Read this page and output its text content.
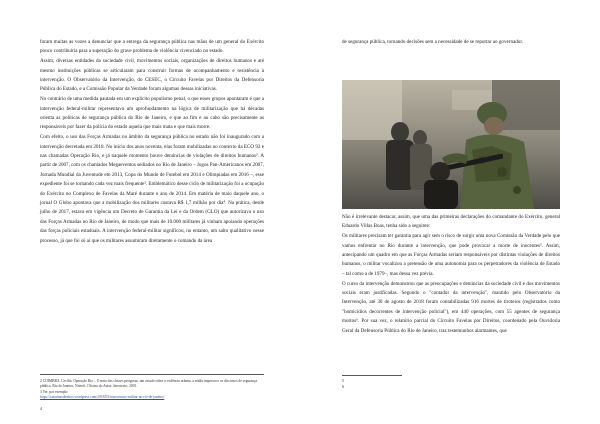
foram muitas as vozes a denunciar que a entrega da segurança pública nas mãos de um general do Exército pouco contribuiria para a superação do grave problema de violência vivenciado no estado.

Assim, diversas entidades da sociedade civil, movimentos sociais, organizações de direitos humanos e até mesmo instituições públicas se articularam para construir formas de acompanhamento e resistência à intervenção. O Observatório da Intervenção, do CESEC, o Circuito Favelas por Direitos da Defensoria Pública do Estado, e a Comissão Popular da Verdade foram algumas dessas iniciativas.

No contrário de uma medida pautada em um explícito populismo penal, o que esses grupos apontaram é que a intervenção federal-militar representava um aprofundamento na lógica de militarização que há décadas orienta as políticas de segurança pública do Rio de Janeiro, e que ao fim e ao cabo são precisamente as responsáveis por fazer da polícia do estado aquela que mais mata e que mais morre.

Com efeito, o uso das Forças Armadas no âmbito da segurança pública no estado não foi inaugurado com a intervenção decretada em 2018. No início dos anos noventa, elas foram mobilizadas no contexto da ECO 92 e nas chamadas Operação Rio, e já naquele momento houve denúncias de violações de direitos humanos². A partir de 2007, com os chamados Megaeventos sediados no Rio de Janeiro – Jogos Pan-Americanos em 2007, Jornada Mundial da Juventude em 2013, Copa do Mundo de Futebol em 2014 e Olimpíadas em 2016 –, esse expediente foi se tornando cada vez mais frequente³. Emblemático desse ciclo de militarização foi a ocupação do Exército no Complexo de Favelas da Maré durante o ano de 2014. Em matéria de maio daquele ano, o jornal O Globo apontava que a mobilização dos militares custava R$ 1,7 milhão por dia⁴. Na prática, desde julho de 2017, estava em vigência um Decreto de Garantia da Lei e da Ordem (GLO) que autorizava o uso das Forças Armadas no Rio de Janeiro, de modo que mais de 10.000 militares já vinham apoiando operações das forças policiais estaduais. A intervenção federal-militar significou, no entanto, um salto qualitativo nesse processo, já que foi só aí que os militares assumiram diretamente o comando da área

2 COIMBRA, Cecília. Operação Rio – O mito das classes perigosas: um estudo sobre a violência urbana, a mídia impressa e os discursos de segurança pública. Rio de Janeiro; Niterói: Oficina do Autor; Intertexto, 2001.
3 Ver, por exemplo:
https://catarinasdireitos.wordpress.com/2018/03/intervencao-militar-no-rio-de-janeiro/
4

de segurança pública, tornando decisões sem a necessidade de se reportar ao governador.

Não é irrelevante destacar, assim, que uma das primeiras declarações do comandante do Exército, general Eduardo Villas Boas, tenha sido a seguinte:

Os militares precisam ter garantia para agir sem o risco de surgir uma nova Comissão da Verdade pelo que vamos enfrentar no Rio durante a intervenção, que pode provocar a morte de inocentes⁵. Assim, antecipando um quadro em que as Forças Armadas seriam responsáveis por distintas violações de direitos humanos, o militar vocalizou a pretensão de uma autonomia para os perpetradores da violência de Estado – tal como a de 1979–, mas dessa vez prévia.

O curso da intervenção demonstrou que as preocupações e denúncias da sociedade civil e dos movimentos sociais eram justificadas. Segundo o "contador da intervenção", mantido pelo Observatório da Intervenção, até 30 de agosto de 2018 foram contabilizadas 916 mortes de tiroteios (registrados como "homicídios decorrentes de intervenção policial"), em 440 operações, com 55 agentes de segurança mortos⁶. Por sua vez, o relatório parcial do Circuito Favelas por Direitos, coordenado pela Ouvidoria Geral da Defensoria Pública do Rio de Janeiro, traz testemunhos alarmantes, que

5
6
